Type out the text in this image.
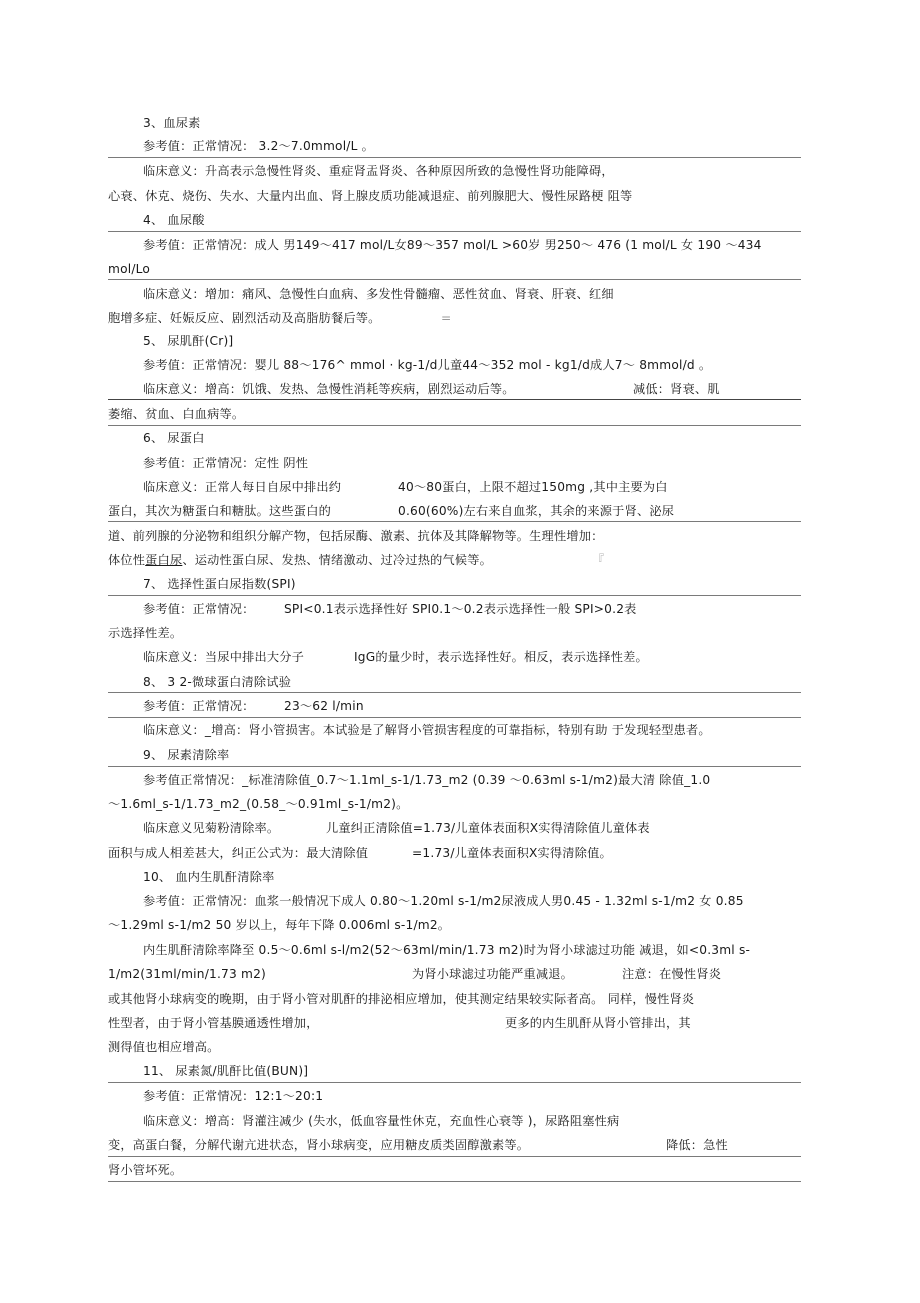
3、血尿素
参考值：正常情况： 3.2～7.0mmol/L 。
临床意义：升高表示急慢性肾炎、重症肾盂肾炎、各种原因所致的急慢性肾功能障碍，
心衰、休克、烧伤、失水、大量内出血、肾上腺皮质功能减退症、前列腺肥大、慢性尿路梗 阻等
4、 血尿酸
参考值：正常情况：成人 男149～417 mol/L女89～357 mol/L >60岁 男250～ 476 (1 mol/L 女 190 ～434
mol/Lo
临床意义：增加：痛风、急慢性白血病、多发性骨髓瘤、恶性贫血、肾衰、肝衰、红细
胞增多症、妊娠反应、剧烈活动及高脂肪餐后等。	=
5、 尿肌酐(Cr)]
参考值：正常情况：婴儿 88～176^ mmol · kg-1/d儿童44～352 mol - kg1/d成人7～ 8mmol/d 。
临床意义：增高：饥饿、发热、急慢性消耗等疾病，剧烈运动后等。	减低：肾衰、肌
萎缩、贫血、白血病等。
6、 尿蛋白
参考值：正常情况：定性 阴性
临床意义：正常人每日自尿中排出约	40～80蛋白，上限不超过150mg ,其中主要为白
蛋白，其次为糖蛋白和糖肽。这些蛋白的	0.60(60%)左右来自血浆，其余的来源于肾、泌尿
道、前列腺的分泌物和组织分解产物，包括尿酶、激素、抗体及其降解物等。生理性增加：
体位性蛋白尿、运动性蛋白尿、发热、情绪激动、过冷过热的气候等。	『
7、 选择性蛋白尿指数(SPI)
参考值：正常情况： SPI<0.1表示选择性好 SPI0.1～0.2表示选择性一般 SPI>0.2表
示选择性差。
临床意义：当尿中排出大分子	IgG的量少时，表示选择性好。相反，表示选择性差。
8、 3 2-微球蛋白清除试验
参考值：正常情况： 23～62 l/min
临床意义：_增高：肾小管损害。本试验是了解肾小管损害程度的可靠指标，特别有助 于发现轻型患者。
9、 尿素清除率
参考值正常情况：_标准清除值_0.7～1.1ml_s-1/1.73_m2 (0.39 ～0.63ml s-1/m2)最大清 除值_1.0
～1.6ml_s-1/1.73_m2_(0.58_～0.91ml_s-1/m2)。
临床意义见菊粉清除率。	儿童纠正清除值=1.73/儿童体表面积X实得清除值儿童体表
面积与成人相差甚大，纠正公式为：最大清除值	=1.73/儿童体表面积X实得清除值。
10、 血内生肌酐清除率
参考值：正常情况：血浆一般情况下成人 0.80～1.20ml s-1/m2尿液成人男0.45 - 1.32ml s-1/m2 女 0.85
～1.29ml s-1/m2 50 岁以上，每年下降 0.006ml s-1/m2。
内生肌酐清除率降至 0.5～0.6ml s-l/m2(52～63ml/min/1.73 m2)时为肾小球滤过功能 减退，如<0.3ml s-
1/m2(31ml/min/1.73 m2)	为肾小球滤过功能严重减退。	注意：在慢性肾炎
或其他肾小球病变的晚期，由于肾小管对肌酐的排泌相应增加，使其测定结果较实际者高。 同样，慢性肾炎
性型者，由于肾小管基膜通透性增加，	更多的内生肌酐从肾小管排出，其
测得值也相应增高。
11、 尿素氮/肌酐比值(BUN)]
参考值：正常情况：12:1～20:1
临床意义：增高：肾灌注减少 (失水，低血容量性休克，充血性心衰等 )，尿路阻塞性病
变，高蛋白餐，分解代谢亢进状态，肾小球病变，应用糖皮质类固醇激素等。	降低：急性
肾小管坏死。
